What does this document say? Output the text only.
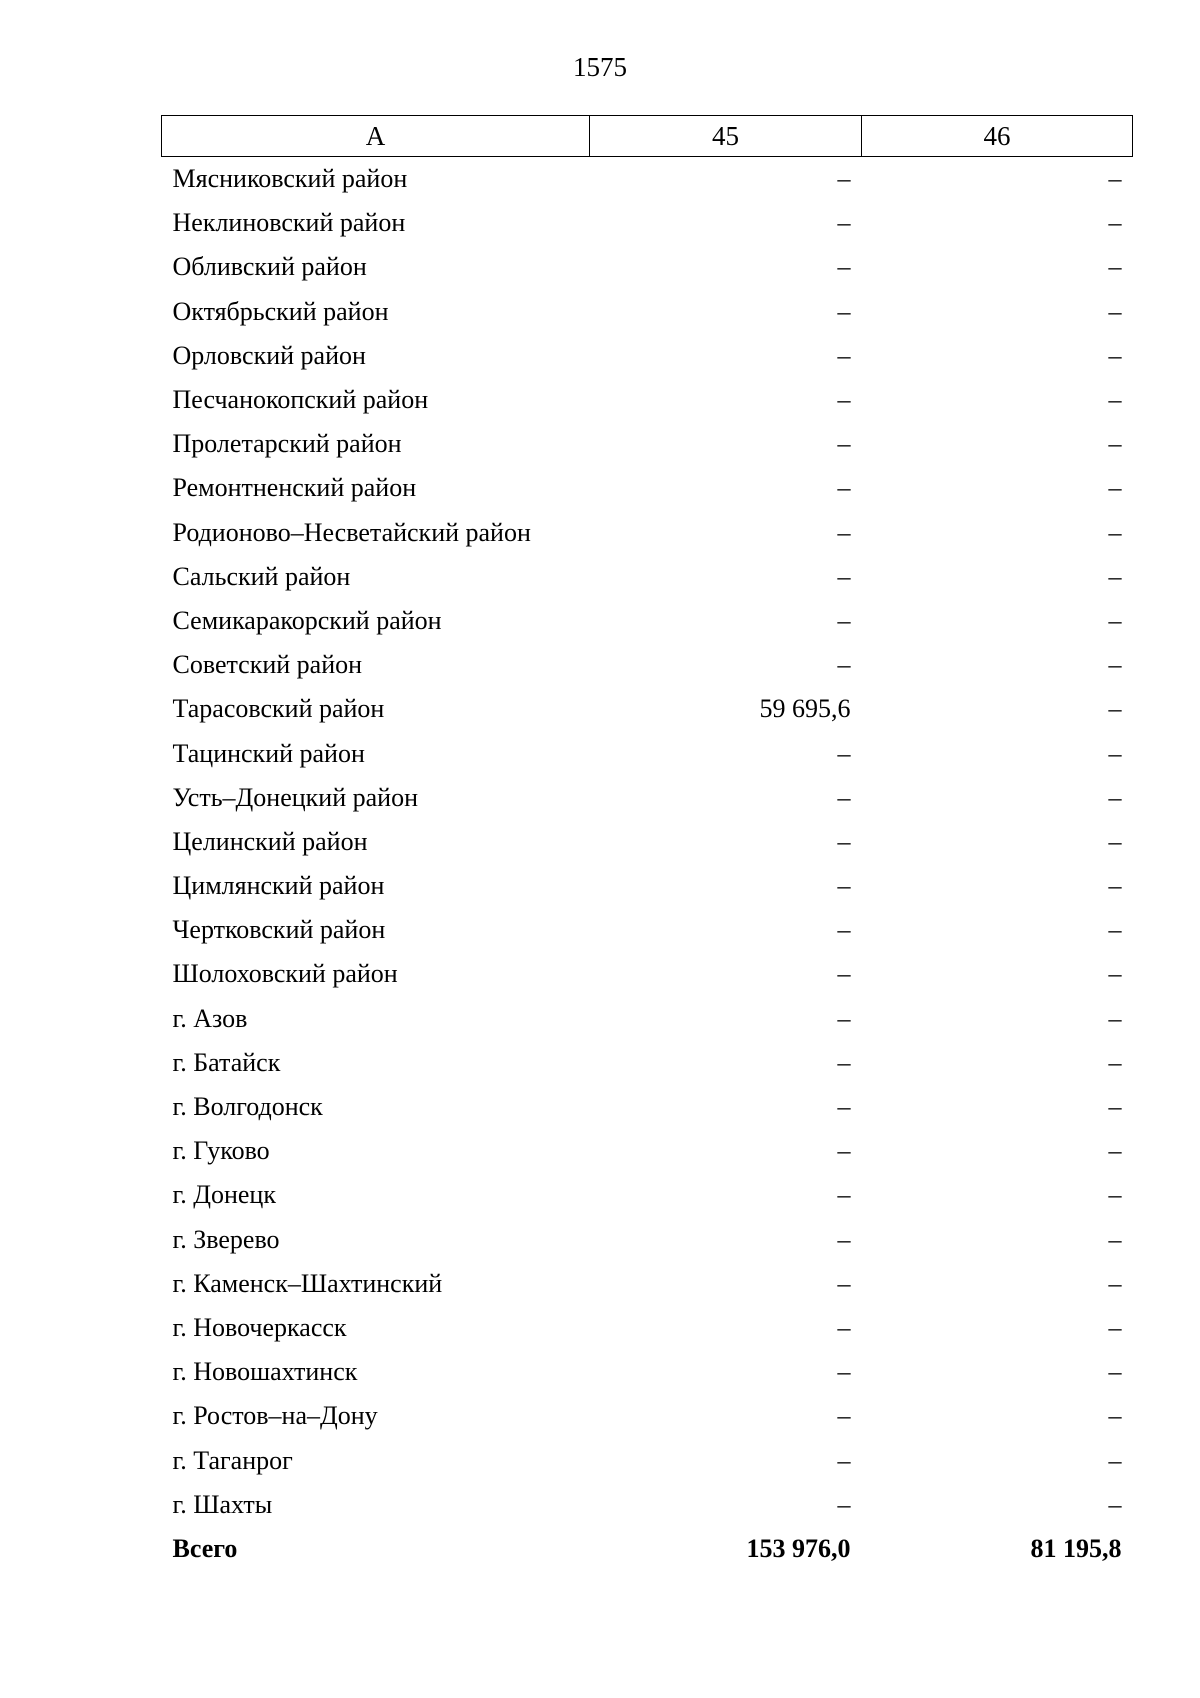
1575
А	45	46
Мясниковский район	–	–
Неклиновский район	–	–
Обливский район	–	–
Октябрьский район	–	–
Орловский район	–	–
Песчанокопский район	–	–
Пролетарский район	–	–
Ремонтненский район	–	–
Родионово–Несветайский район	–	–
Сальский район	–	–
Семикаракорский район	–	–
Советский район	–	–
Тарасовский район	59 695,6	–
Тацинский район	–	–
Усть–Донецкий район	–	–
Целинский район	–	–
Цимлянский район	–	–
Чертковский район	–	–
Шолоховский район	–	–
г. Азов	–	–
г. Батайск	–	–
г. Волгодонск	–	–
г. Гуково	–	–
г. Донецк	–	–
г. Зверево	–	–
г. Каменск–Шахтинский	–	–
г. Новочеркасск	–	–
г. Новошахтинск	–	–
г. Ростов–на–Дону	–	–
г. Таганрог	–	–
г. Шахты	–	–
Всего	153 976,0	81 195,8
